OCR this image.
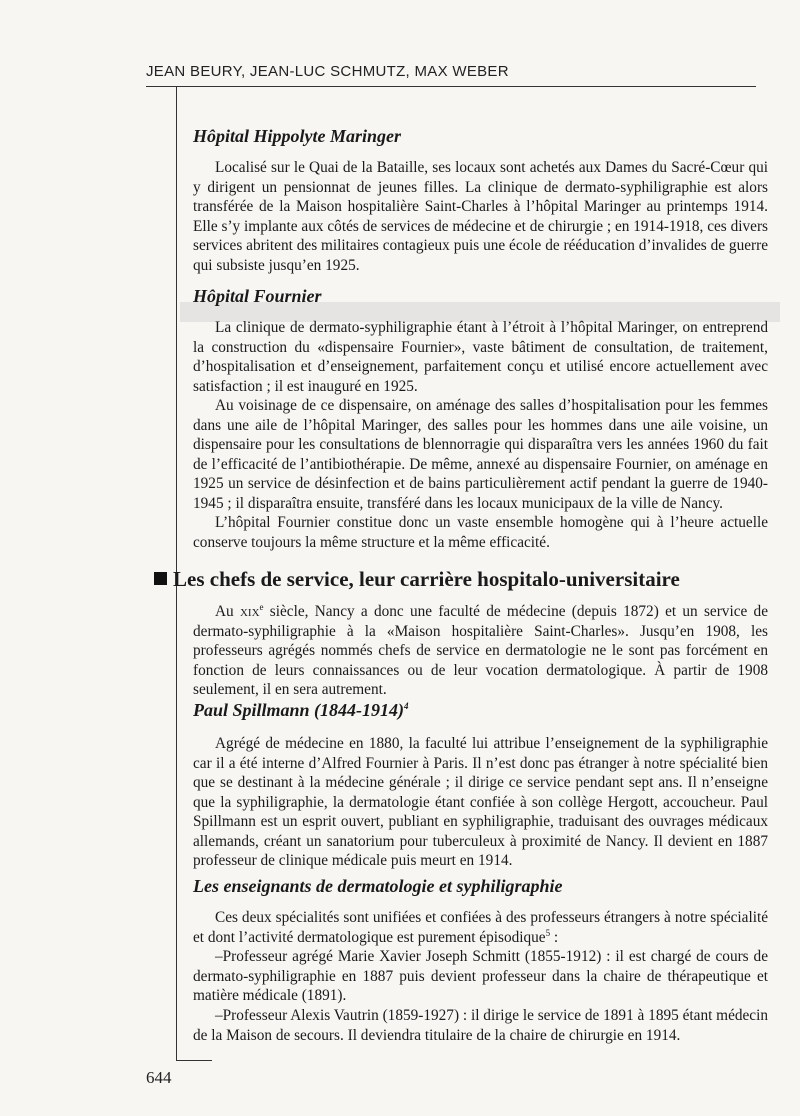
JEAN BEURY, JEAN-LUC SCHMUTZ, MAX WEBER
Hôpital Hippolyte Maringer

Localisé sur le Quai de la Bataille, ses locaux sont achetés aux Dames du Sacré-Cœur qui y dirigent un pensionnat de jeunes filles. La clinique de dermato-syphiligraphie est alors transférée de la Maison hospitalière Saint-Charles à l’hôpital Maringer au printemps 1914. Elle s’y implante aux côtés de services de médecine et de chirurgie ; en 1914-1918, ces divers services abritent des militaires contagieux puis une école de rééducation d’invalides de guerre qui subsiste jusqu’en 1925.

Hôpital Fournier

La clinique de dermato-syphiligraphie étant à l’étroit à l’hôpital Maringer, on entreprend la construction du «dispensaire Fournier», vaste bâtiment de consultation, de traitement, d’hospitalisation et d’enseignement, parfaitement conçu et utilisé encore actuellement avec satisfaction ; il est inauguré en 1925.

Au voisinage de ce dispensaire, on aménage des salles d’hospitalisation pour les femmes dans une aile de l’hôpital Maringer, des salles pour les hommes dans une aile voisine, un dispensaire pour les consultations de blennorragie qui disparaîtra vers les années 1960 du fait de l’efficacité de l’antibiothérapie. De même, annexé au dispensaire Fournier, on aménage en 1925 un service de désinfection et de bains particulièrement actif pendant la guerre de 1940-1945 ; il disparaîtra ensuite, transféré dans les locaux municipaux de la ville de Nancy.

L’hôpital Fournier constitue donc un vaste ensemble homogène qui à l’heure actuelle conserve toujours la même structure et la même efficacité.

Au xix$^e$ siècle, Nancy a donc une faculté de médecine (depuis 1872) et un service de dermato-syphiligraphie à la «Maison hospitalière Saint-Charles». Jusqu’en 1908, les professeurs agrégés nommés chefs de service en dermatologie ne le sont pas forcément en fonction de leurs connaissances ou de leur vocation dermatologique. À partir de 1908 seulement, il en sera autrement.

Paul Spillmann (1844-1914)$^4$

Agrégé de médecine en 1880, la faculté lui attribue l’enseignement de la syphiligraphie car il a été interne d’Alfred Fournier à Paris. Il n’est donc pas étranger à notre spécialité bien que se destinant à la médecine générale ; il dirige ce service pendant sept ans. Il n’enseigne que la syphiligraphie, la dermatologie étant confiée à son collège Hergott, accoucheur. Paul Spillmann est un esprit ouvert, publiant en syphiligraphie, traduisant des ouvrages médicaux allemands, créant un sanatorium pour tuberculeux à proximité de Nancy. Il devient en 1887 professeur de clinique médicale puis meurt en 1914.

Les enseignants de dermatologie et syphiligraphie

Ces deux spécialités sont unifiées et confiées à des professeurs étrangers à notre spécialité et dont l’activité dermatologique est purement épisodique$^5$ :

–Professeur agrégé Marie Xavier Joseph Schmitt (1855-1912) : il est chargé de cours de dermato-syphiligraphie en 1887 puis devient professeur dans la chaire de thérapeutique et matière médicale (1891).

–Professeur Alexis Vautrin (1859-1927) : il dirige le service de 1891 à 1895 étant médecin de la Maison de secours. Il deviendra titulaire de la chaire de chirurgie en 1914.

Les chefs de service, leur carrière hospitalo-universitaire
644
